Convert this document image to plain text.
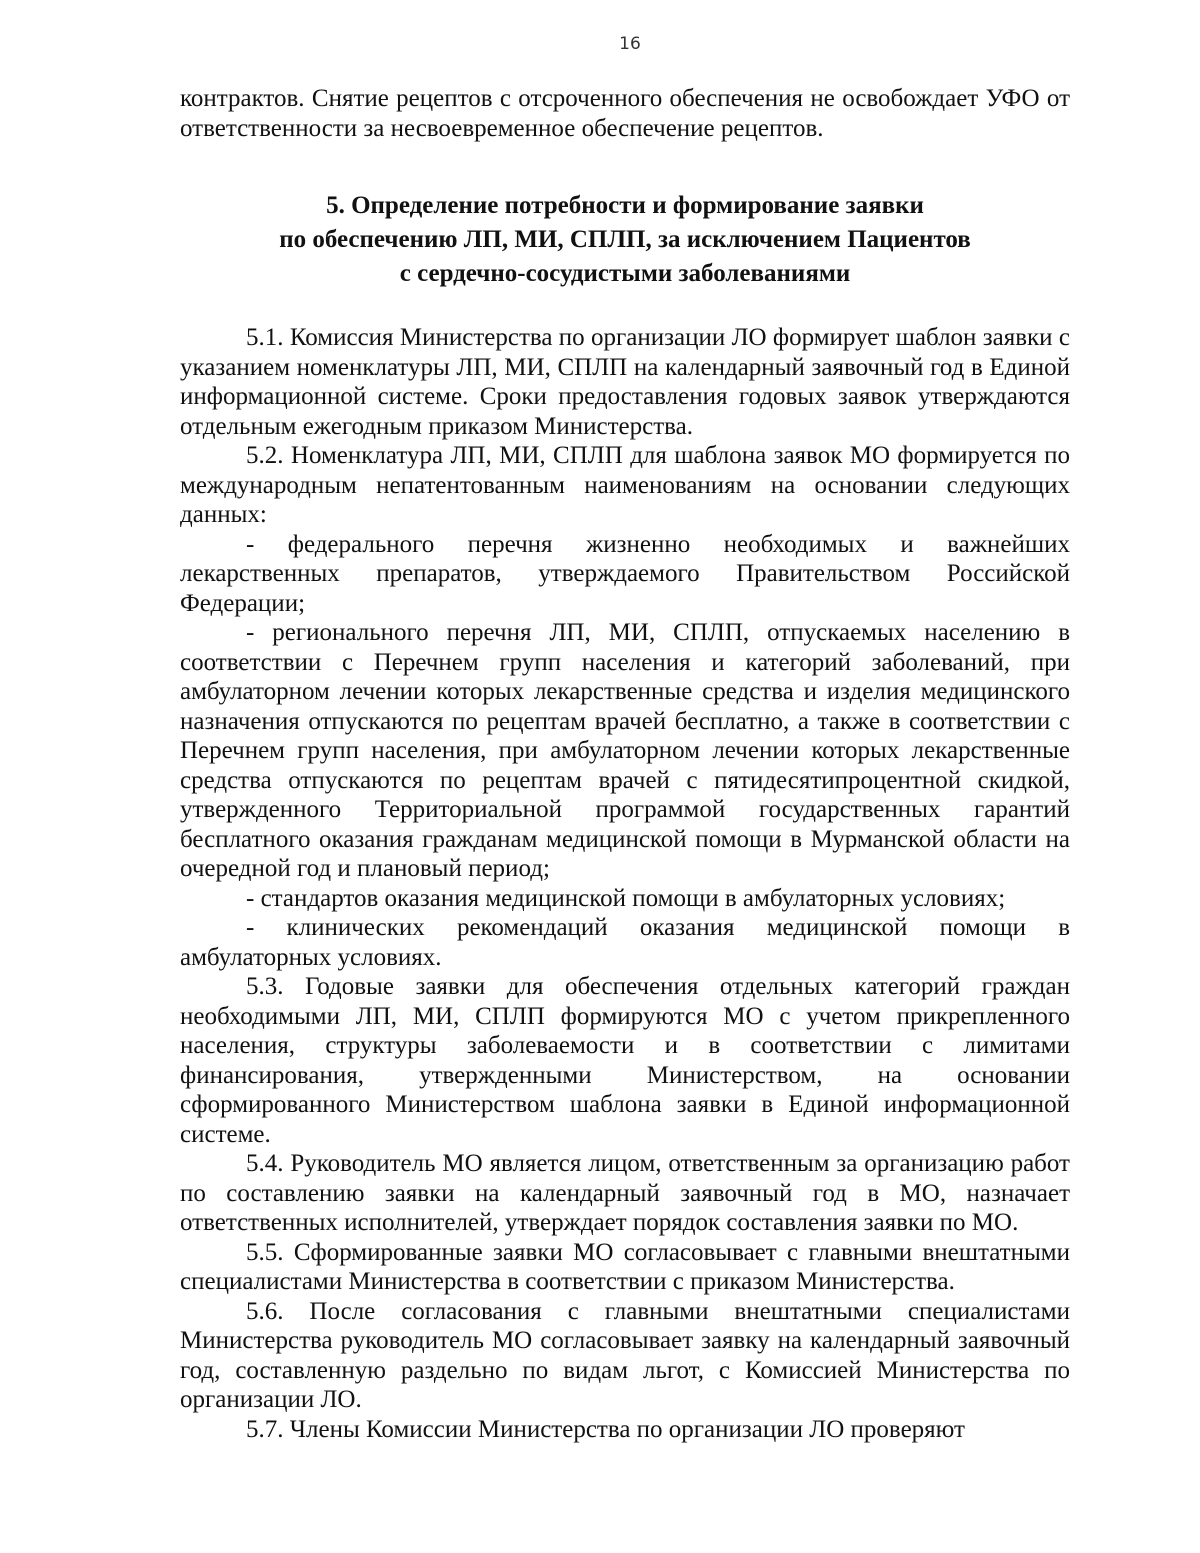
16

контрактов. Снятие рецептов с отсроченного обеспечения не освобождает УФО от ответственности за несвоевременное обеспечение рецептов.

5. Определение потребности и формирование заявки
по обеспечению ЛП, МИ, СПЛП, за исключением Пациентов
с сердечно-сосудистыми заболеваниями

5.1. Комиссия Министерства по организации ЛО формирует шаблон заявки с указанием номенклатуры ЛП, МИ, СПЛП на календарный заявочный год в Единой информационной системе. Сроки предоставления годовых заявок утверждаются отдельным ежегодным приказом Министерства.

5.2. Номенклатура ЛП, МИ, СПЛП для шаблона заявок МО формируется по международным непатентованным наименованиям на основании следующих данных:

- федерального перечня жизненно необходимых и важнейших лекарственных препаратов, утверждаемого Правительством Российской Федерации;

- регионального перечня ЛП, МИ, СПЛП, отпускаемых населению в соответствии с Перечнем групп населения и категорий заболеваний, при амбулаторном лечении которых лекарственные средства и изделия медицинского назначения отпускаются по рецептам врачей бесплатно, а также в соответствии с Перечнем групп населения, при амбулаторном лечении которых лекарственные средства отпускаются по рецептам врачей с пятидесятипроцентной скидкой, утвержденного Территориальной программой государственных гарантий бесплатного оказания гражданам медицинской помощи в Мурманской области на очередной год и плановый период;

- стандартов оказания медицинской помощи в амбулаторных условиях;

- клинических рекомендаций оказания медицинской помощи в амбулаторных условиях.

5.3. Годовые заявки для обеспечения отдельных категорий граждан необходимыми ЛП, МИ, СПЛП формируются МО с учетом прикрепленного населения, структуры заболеваемости и в соответствии с лимитами финансирования, утвержденными Министерством, на основании сформированного Министерством шаблона заявки в Единой информационной системе.

5.4. Руководитель МО является лицом, ответственным за организацию работ по составлению заявки на календарный заявочный год в МО, назначает ответственных исполнителей, утверждает порядок составления заявки по МО.

5.5. Сформированные заявки МО согласовывает с главными внештатными специалистами Министерства в соответствии с приказом Министерства.

5.6. После согласования с главными внештатными специалистами Министерства руководитель МО согласовывает заявку на календарный заявочный год, составленную раздельно по видам льгот, с Комиссией Министерства по организации ЛО.

5.7. Члены Комиссии Министерства по организации ЛО проверяют
